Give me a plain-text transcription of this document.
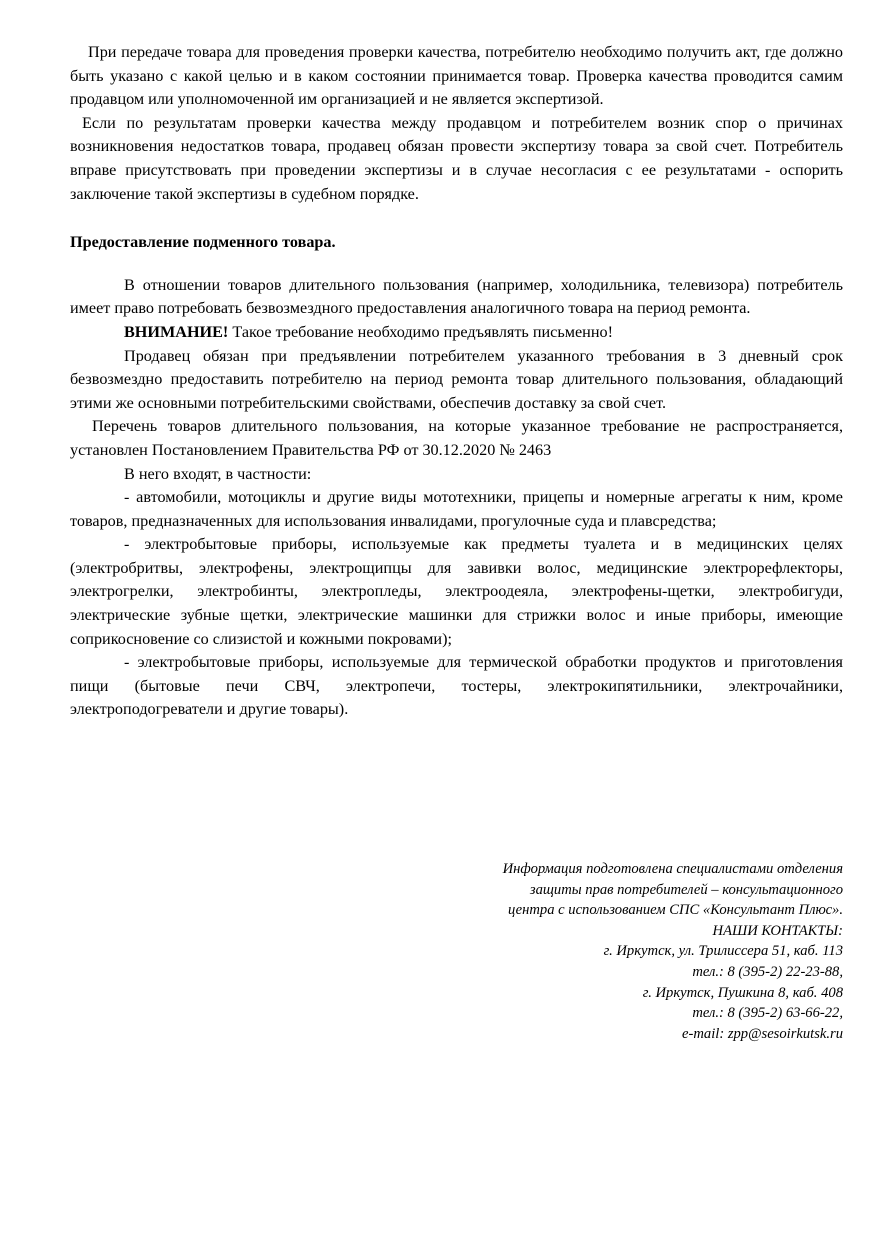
При передаче товара для проведения проверки качества, потребителю необходимо получить акт, где должно быть указано с какой целью и в каком состоянии принимается товар. Проверка качества проводится самим продавцом или уполномоченной им организацией и не является экспертизой.

Если по результатам проверки качества между продавцом и потребителем возник спор о причинах возникновения недостатков товара, продавец обязан провести экспертизу товара за свой счет. Потребитель вправе присутствовать при проведении экспертизы и в случае несогласия с ее результатами - оспорить заключение такой экспертизы в судебном порядке.

Предоставление подменного товара.

В отношении товаров длительного пользования (например, холодильника, телевизора) потребитель имеет право потребовать безвозмездного предоставления аналогичного товара на период ремонта.

ВНИМАНИЕ! Такое требование необходимо предъявлять письменно!

Продавец обязан при предъявлении потребителем указанного требования в 3 дневный срок безвозмездно предоставить потребителю на период ремонта товар длительного пользования, обладающий этими же основными потребительскими свойствами, обеспечив доставку за свой счет.

Перечень товаров длительного пользования, на которые указанное требование не распространяется, установлен Постановлением Правительства РФ от 30.12.2020 № 2463

В него входят, в частности:

- автомобили, мотоциклы и другие виды мототехники, прицепы и номерные агрегаты к ним, кроме товаров, предназначенных для использования инвалидами, прогулочные суда и плавсредства;

- электробытовые приборы, используемые как предметы туалета и в медицинских целях (электробритвы, электрофены, электрощипцы для завивки волос, медицинские электрорефлекторы, электрогрелки, электробинты, электропледы, электроодеяла, электрофены-щетки, электробигуди, электрические зубные щетки, электрические машинки для стрижки волос и иные приборы, имеющие соприкосновение со слизистой и кожными покровами);

- электробытовые приборы, используемые для термической обработки продуктов и приготовления пищи (бытовые печи СВЧ, электропечи, тостеры, электрокипятильники, электрочайники, электроподогреватели и другие товары).

Информация подготовлена специалистами отделения
защиты прав потребителей – консультационного
центра с использованием СПС «Консультант Плюс».
НАШИ КОНТАКТЫ:
г. Иркутск, ул. Трилиссера 51, каб. 113
тел.: 8 (395-2) 22-23-88,
г. Иркутск, Пушкина 8, каб. 408
тел.: 8 (395-2) 63-66-22,
e-mail: zpp@sesoirkutsk.ru
